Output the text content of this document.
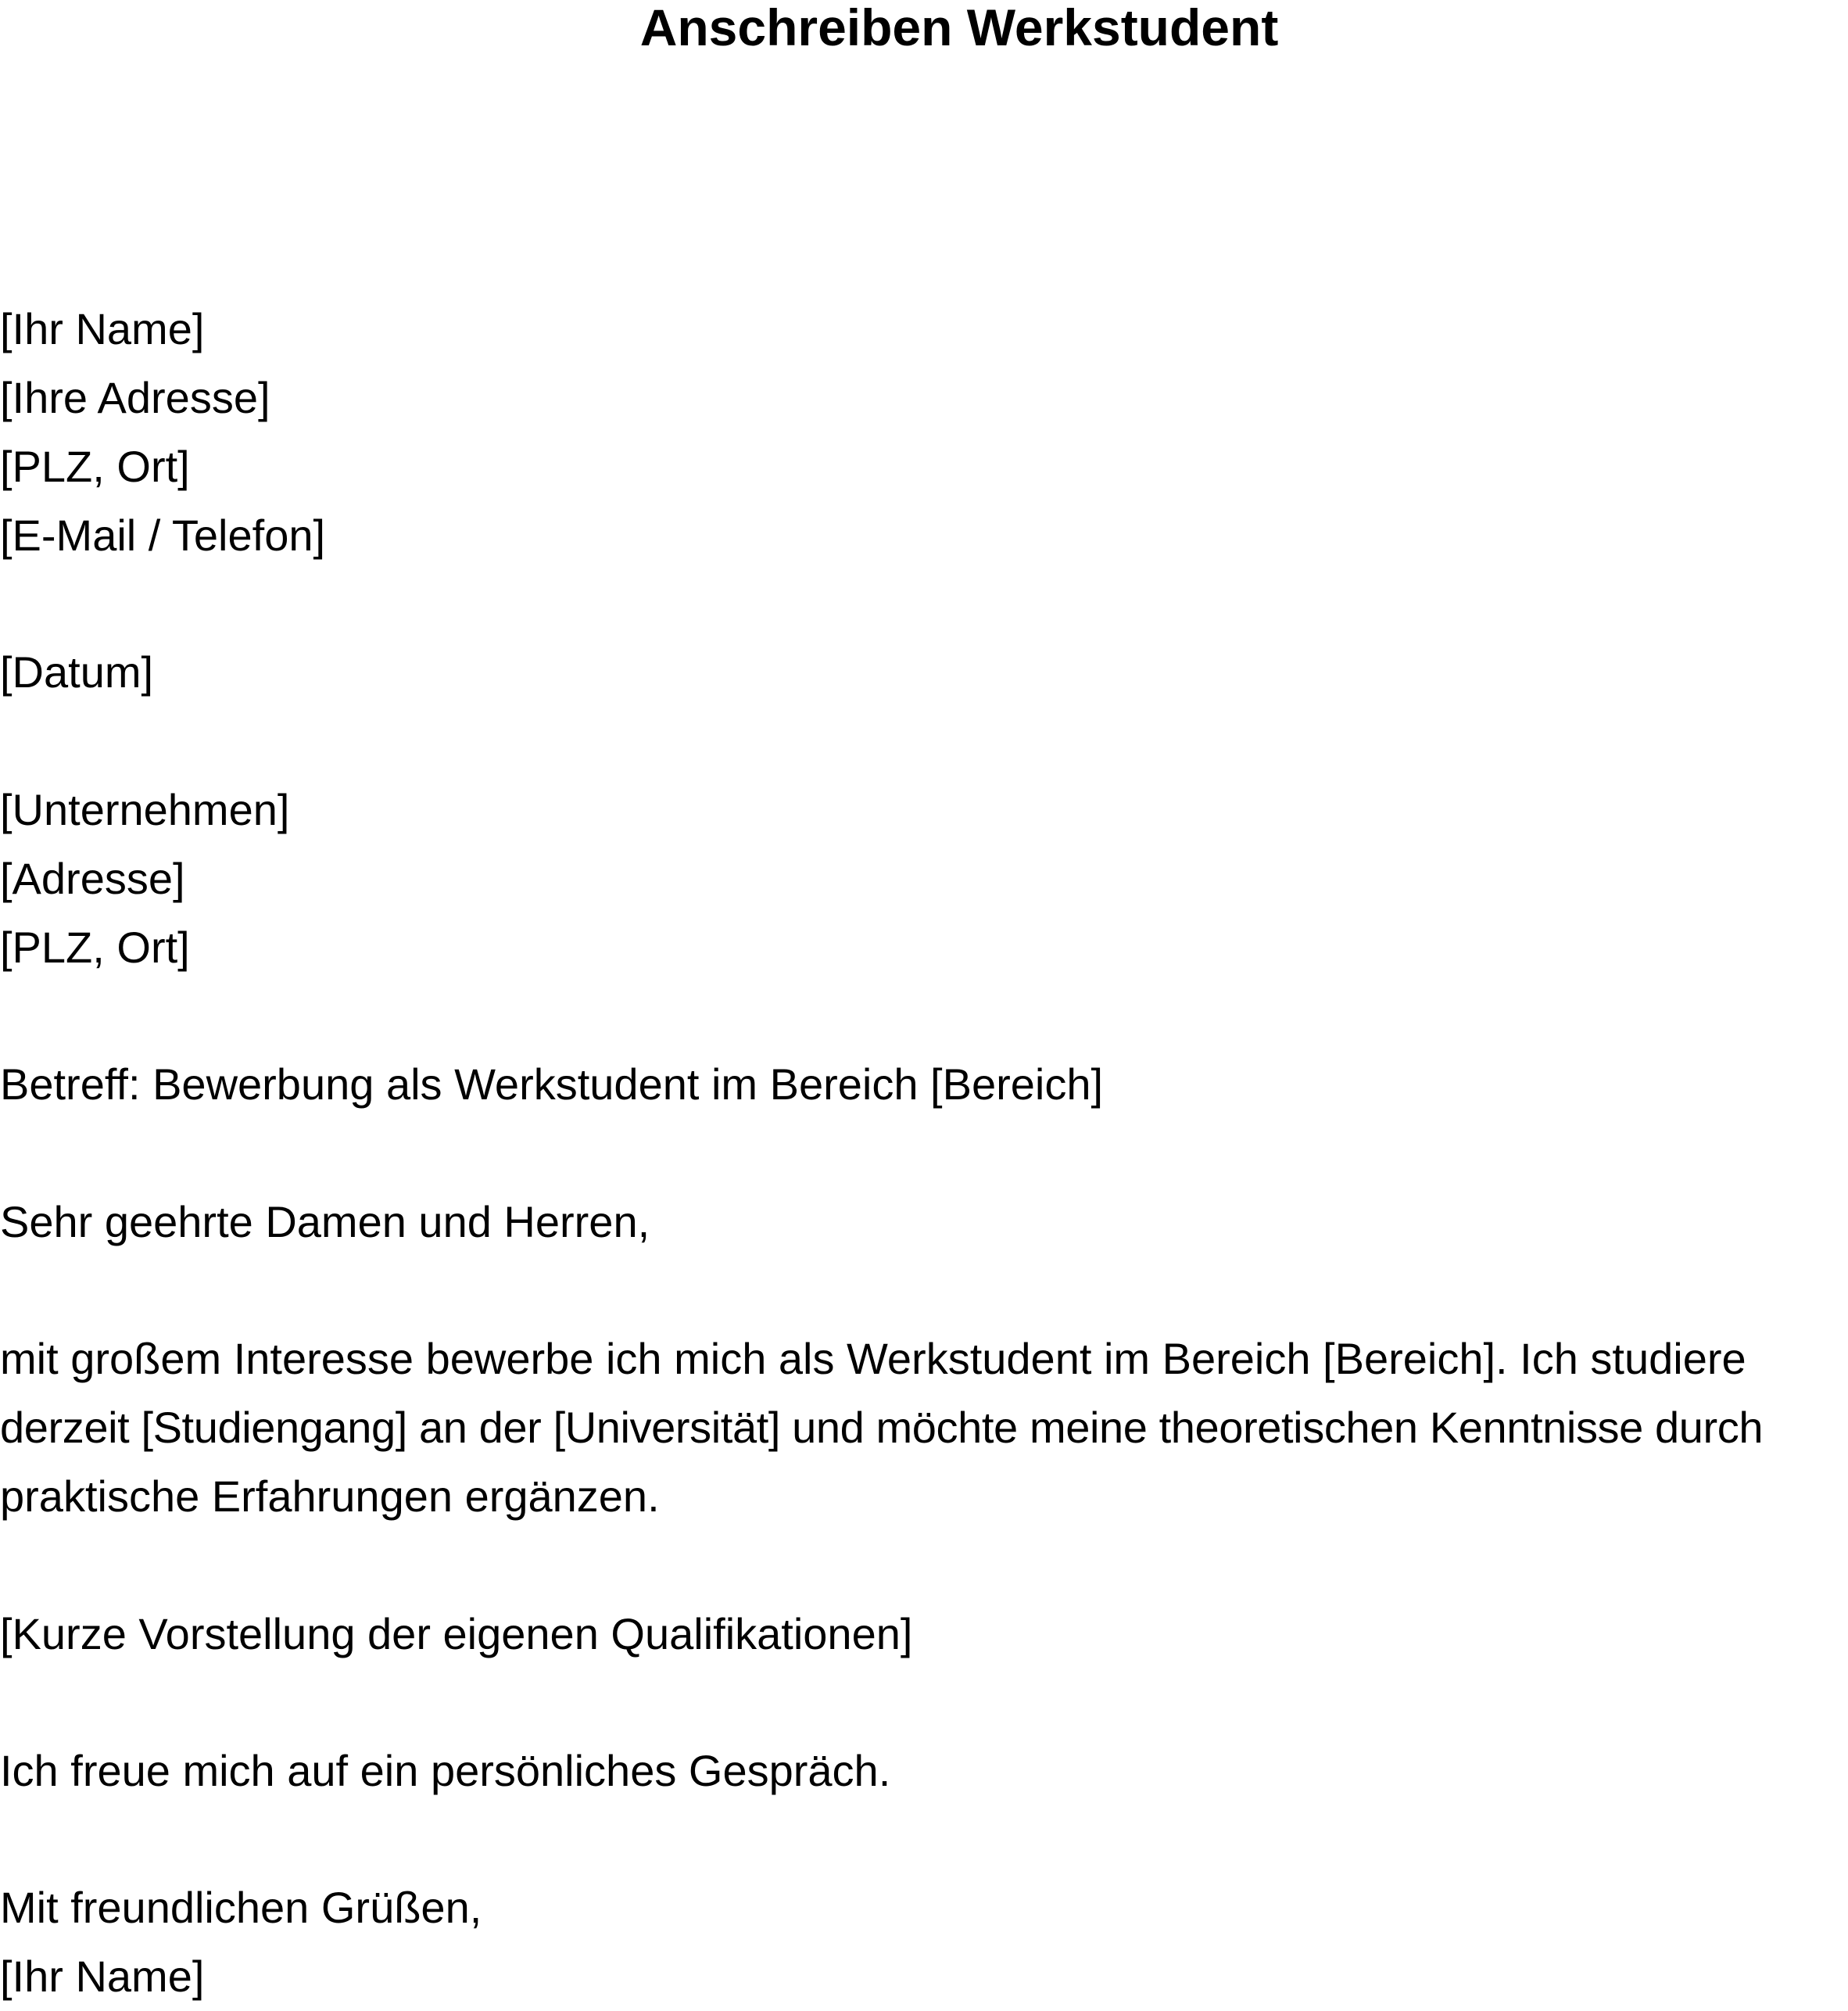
Anschreiben Werkstudent

[Ihr Name]

[Ihre Adresse]

[PLZ, Ort]

[E-Mail / Telefon]

[Datum]

[Unternehmen]

[Adresse]

[PLZ, Ort]

Betreff: Bewerbung als Werkstudent im Bereich [Bereich]

Sehr geehrte Damen und Herren,

mit großem Interesse bewerbe ich mich als Werkstudent im Bereich [Bereich]. Ich studiere

derzeit [Studiengang] an der [Universität] und möchte meine theoretischen Kenntnisse durch

praktische Erfahrungen ergänzen.

[Kurze Vorstellung der eigenen Qualifikationen]

Ich freue mich auf ein persönliches Gespräch.

Mit freundlichen Grüßen,

[Ihr Name]
